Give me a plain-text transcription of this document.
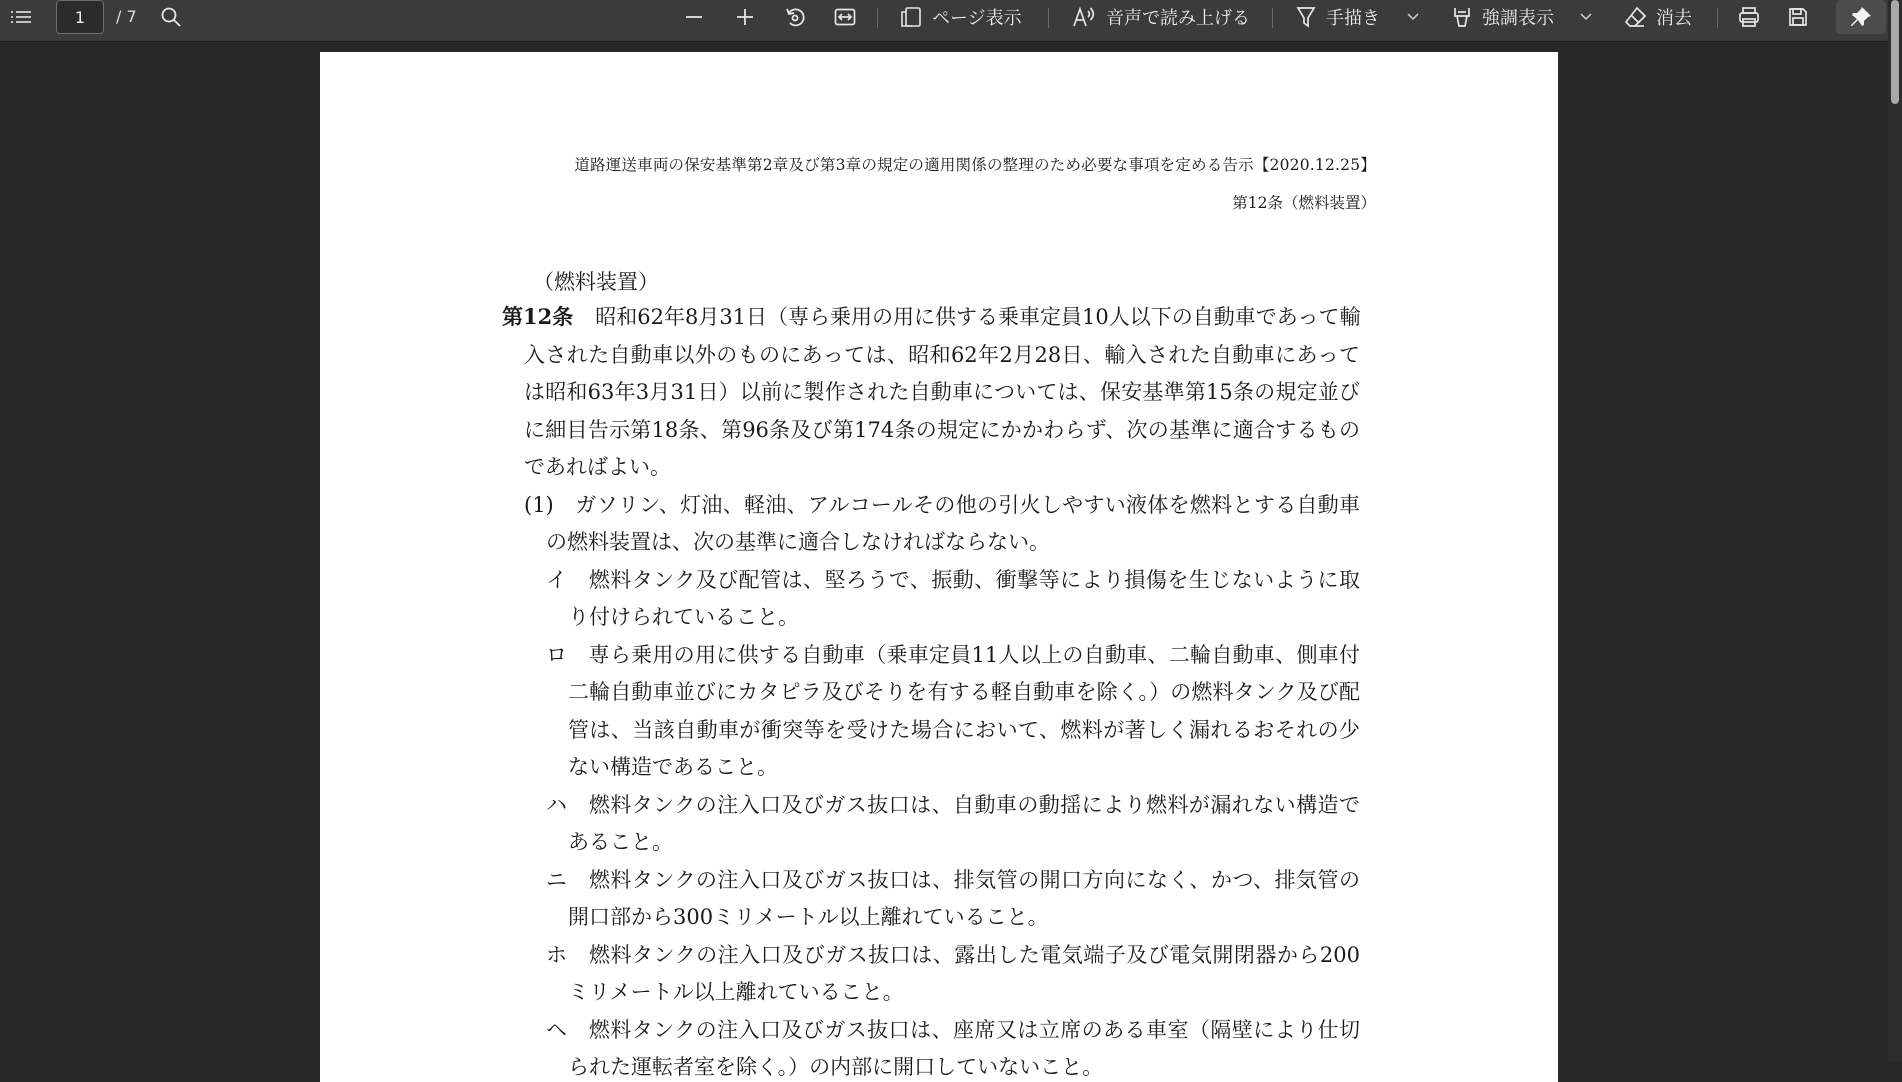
1
/ 7	ページ表示	音声で読み上げる	手描き	強調表示	消去
道路運送車両の保安基準第2章及び第3章の規定の適用関係の整理のため必要な事項を定める告示【2020.12.25】
第12条（燃料装置）
（燃料装置）
第12条 昭和62年8月31日（専ら乗用の用に供する乗車定員10人以下の自動車であって輸
入された自動車以外のものにあっては、昭和62年2月28日、輸入された自動車にあって
は昭和63年3月31日）以前に製作された自動車については、保安基準第15条の規定並び
に細目告示第18条、第96条及び第174条の規定にかかわらず、次の基準に適合するもの
であればよい。
(1)　ガソリン、灯油、軽油、アルコールその他の引火しやすい液体を燃料とする自動車
の燃料装置は、次の基準に適合しなければならない。
イ　燃料タンク及び配管は、堅ろうで、振動、衝撃等により損傷を生じないように取
り付けられていること。
ロ　専ら乗用の用に供する自動車（乗車定員11人以上の自動車、二輪自動車、側車付
二輪自動車並びにカタピラ及びそりを有する軽自動車を除く。）の燃料タンク及び配
管は、当該自動車が衝突等を受けた場合において、燃料が著しく漏れるおそれの少
ない構造であること。
ハ　燃料タンクの注入口及びガス抜口は、自動車の動揺により燃料が漏れない構造で
あること。
ニ　燃料タンクの注入口及びガス抜口は、排気管の開口方向になく、かつ、排気管の
開口部から300ミリメートル以上離れていること。
ホ　燃料タンクの注入口及びガス抜口は、露出した電気端子及び電気開閉器から200
ミリメートル以上離れていること。
ヘ　燃料タンクの注入口及びガス抜口は、座席又は立席のある車室（隔壁により仕切
られた運転者室を除く。）の内部に開口していないこと。
